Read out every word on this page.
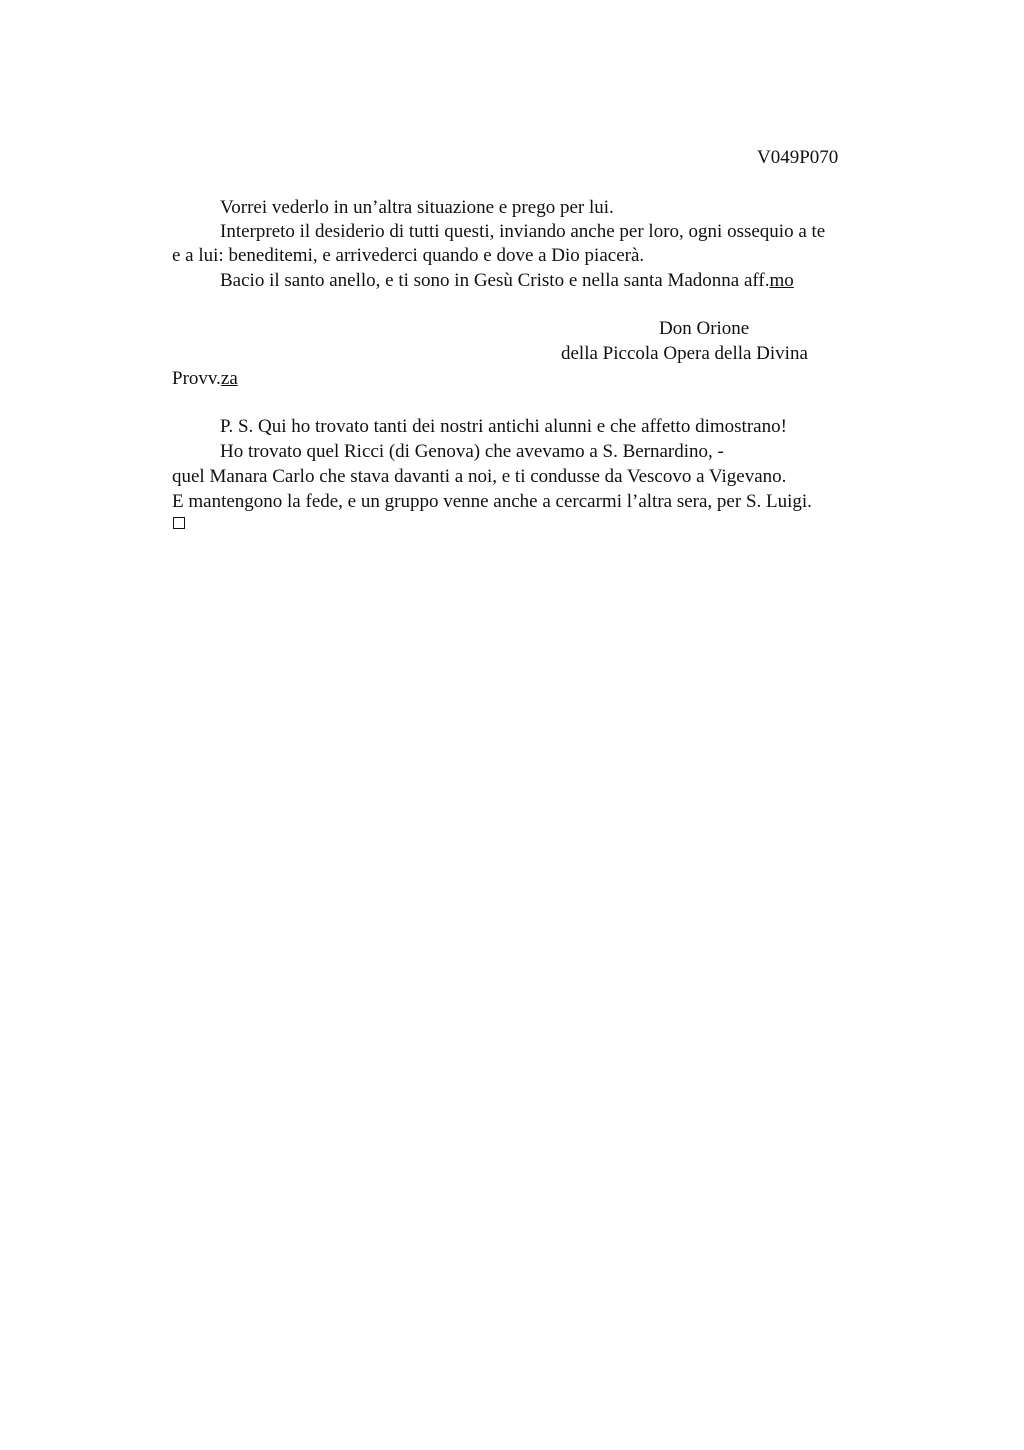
V049P070
Vorrei vederlo in un’altra situazione e prego per lui.
Interpreto il desiderio di tutti questi, inviando anche per loro, ogni ossequio a te
e a lui: beneditemi, e arrivederci quando e dove a Dio piacerà.
Bacio il santo anello, e ti sono in Gesù Cristo e nella santa Madonna aff.mo
Don Orione
della Piccola Opera della Divina
Provv.za
P. S. Qui ho trovato tanti dei nostri antichi alunni e che affetto dimostrano!
Ho trovato quel Ricci (di Genova) che avevamo a S. Bernardino, -
quel Manara Carlo che stava davanti a noi, e ti condusse da Vescovo a Vigevano.
E mantengono la fede, e un gruppo venne anche a cercarmi l’altra sera, per S. Luigi.
